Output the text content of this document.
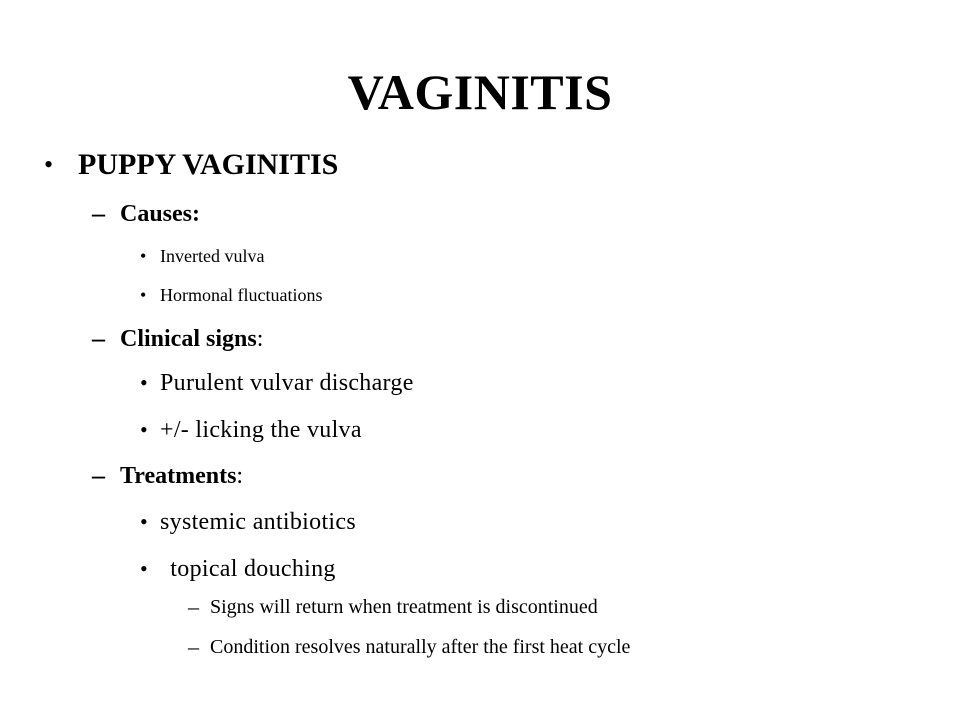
VAGINITIS
• PUPPY VAGINITIS
– Causes:
• Inverted vulva
• Hormonal fluctuations
– Clinical signs:
• Purulent vulvar discharge
• +/- licking the vulva
– Treatments:
• systemic antibiotics
• topical douching
– Signs will return when treatment is discontinued
– Condition resolves naturally after the first heat cycle
